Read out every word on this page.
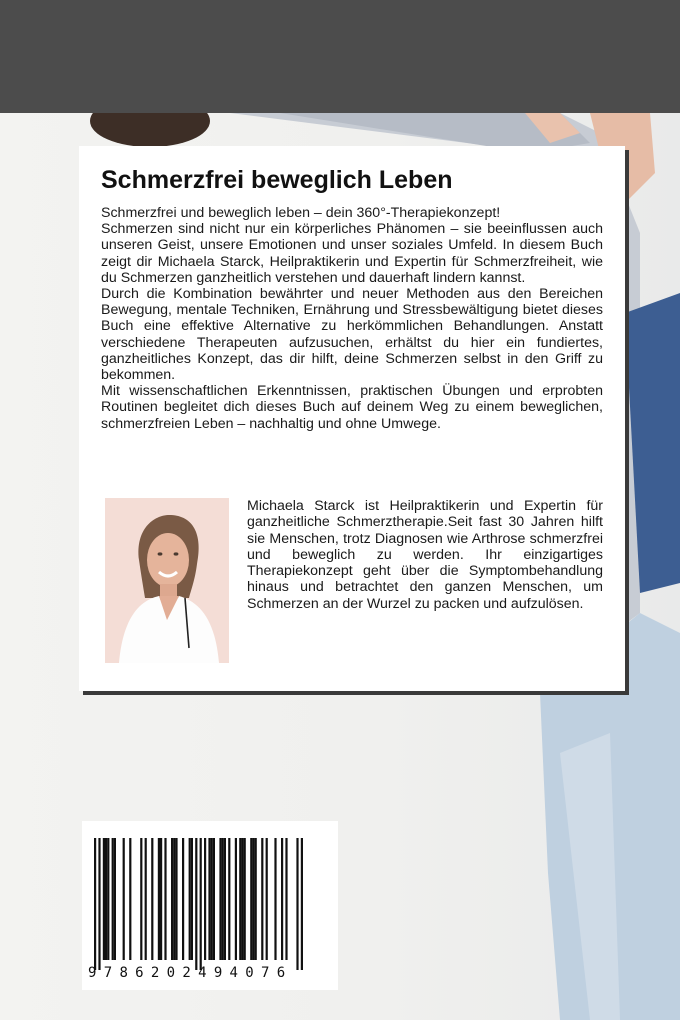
Schmerzfrei beweglich Leben

Schmerzfrei und beweglich leben – dein 360°-Therapiekonzept!

Schmerzen sind nicht nur ein körperliches Phänomen – sie beeinflussen auch unseren Geist, unsere Emotionen und unser soziales Umfeld. In diesem Buch zeigt dir Michaela Starck, Heilpraktikerin und Expertin für Schmerzfreiheit, wie du Schmerzen ganzheitlich verstehen und dauerhaft lindern kannst.

Durch die Kombination bewährter und neuer Methoden aus den Bereichen Bewegung, mentale Techniken, Ernährung und Stressbewältigung bietet dieses Buch eine effektive Alternative zu herkömmlichen Behandlungen. Anstatt verschiedene Therapeuten aufzusuchen, erhältst du hier ein fundiertes, ganzheitliches Konzept, das dir hilft, deine Schmerzen selbst in den Griff zu bekommen.

Mit wissenschaftlichen Erkenntnissen, praktischen Übungen und erprobten Routinen begleitet dich dieses Buch auf deinem Weg zu einem beweglichen, schmerzfreien Leben – nachhaltig und ohne Umwege.

Michaela Starck ist Heilpraktikerin und Expertin für ganzheitliche Schmerztherapie.Seit fast 30 Jahren hilft sie Menschen, trotz Diagnosen wie Arthrose schmerzfrei und beweglich zu werden. Ihr einzigartiges Therapiekonzept geht über die Symptombehandlung hinaus und betrachtet den ganzen Menschen, um Schmerzen an der Wurzel zu packen und aufzulösen.

9786202494076
